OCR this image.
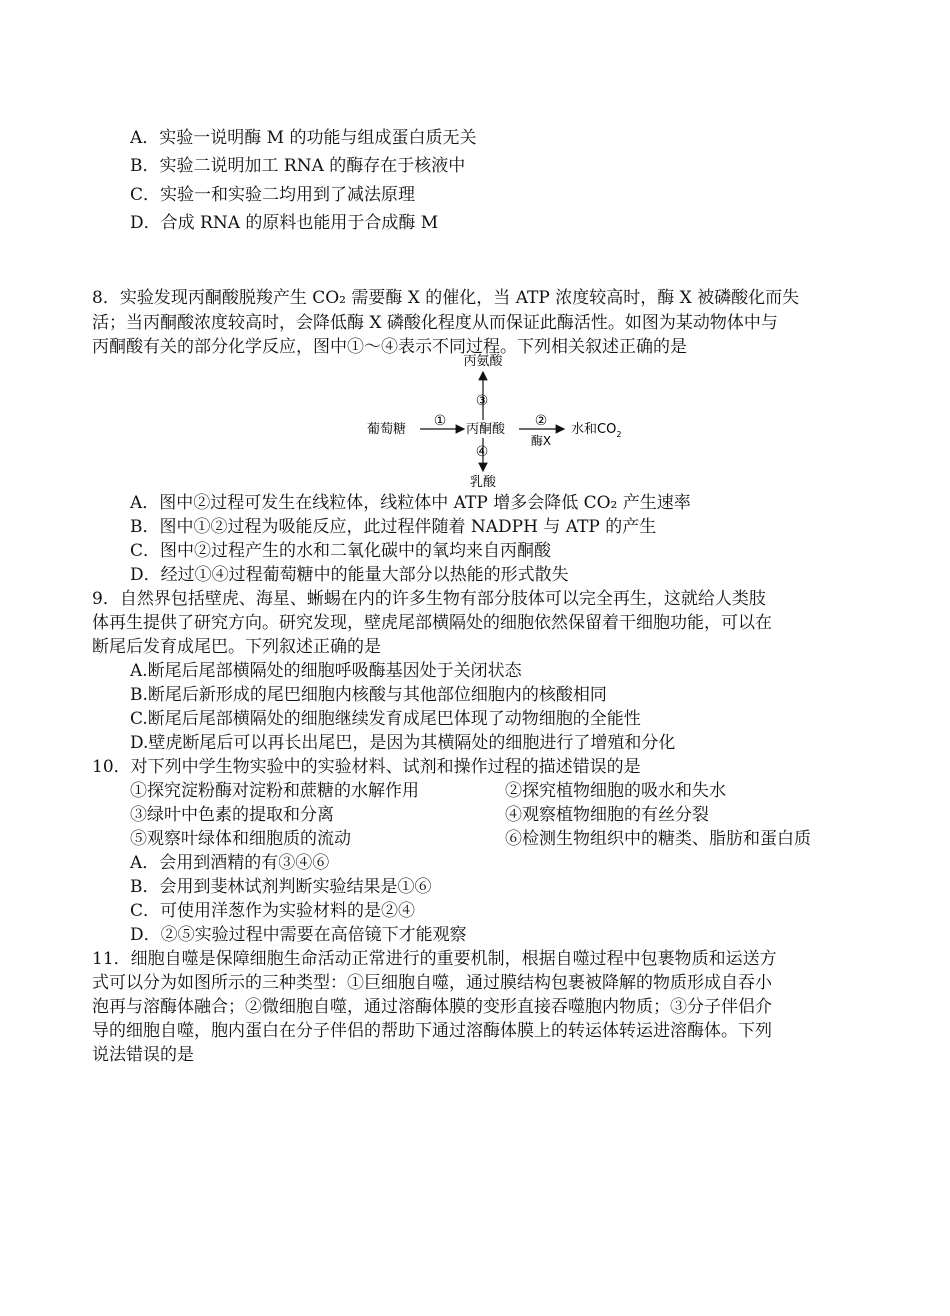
A．实验一说明酶 M 的功能与组成蛋白质无关
B．实验二说明加工 RNA 的酶存在于核液中
C．实验一和实验二均用到了减法原理
D．合成 RNA 的原料也能用于合成酶 M
8．实验发现丙酮酸脱羧产生 CO₂ 需要酶 X 的催化，当 ATP 浓度较高时，酶 X 被磷酸化而失
活；当丙酮酸浓度较高时，会降低酶 X 磷酸化程度从而保证此酶活性。如图为某动物体中与
丙酮酸有关的部分化学反应，图中①～④表示不同过程。下列相关叙述正确的是
丙氨酸
③
葡萄糖
①
丙酮酸
②
酶X
水和$CO_2$
④
乳酸
A．图中②过程可发生在线粒体，线粒体中 ATP 增多会降低 CO₂ 产生速率
B．图中①②过程为吸能反应，此过程伴随着 NADPH 与 ATP 的产生
C．图中②过程产生的水和二氧化碳中的氧均来自丙酮酸
D．经过①④过程葡萄糖中的能量大部分以热能的形式散失
9．自然界包括壁虎、海星、蜥蜴在内的许多生物有部分肢体可以完全再生，这就给人类肢
体再生提供了研究方向。研究发现，壁虎尾部横隔处的细胞依然保留着干细胞功能，可以在
断尾后发育成尾巴。下列叙述正确的是
A.断尾后尾部横隔处的细胞呼吸酶基因处于关闭状态
B.断尾后新形成的尾巴细胞内核酸与其他部位细胞内的核酸相同
C.断尾后尾部横隔处的细胞继续发育成尾巴体现了动物细胞的全能性
D.壁虎断尾后可以再长出尾巴，是因为其横隔处的细胞进行了增殖和分化
10．对下列中学生物实验中的实验材料、试剂和操作过程的描述错误的是
①探究淀粉酶对淀粉和蔗糖的水解作用	②探究植物细胞的吸水和失水
③绿叶中色素的提取和分离	④观察植物细胞的有丝分裂
⑤观察叶绿体和细胞质的流动	⑥检测生物组织中的糖类、脂肪和蛋白质
A．会用到酒精的有③④⑥
B．会用到斐林试剂判断实验结果是①⑥
C．可使用洋葱作为实验材料的是②④
D．②⑤实验过程中需要在高倍镜下才能观察
11．细胞自噬是保障细胞生命活动正常进行的重要机制，根据自噬过程中包裹物质和运送方
式可以分为如图所示的三种类型：①巨细胞自噬，通过膜结构包裹被降解的物质形成自吞小
泡再与溶酶体融合；②微细胞自噬，通过溶酶体膜的变形直接吞噬胞内物质；③分子伴侣介
导的细胞自噬，胞内蛋白在分子伴侣的帮助下通过溶酶体膜上的转运体转运进溶酶体。下列
说法错误的是
